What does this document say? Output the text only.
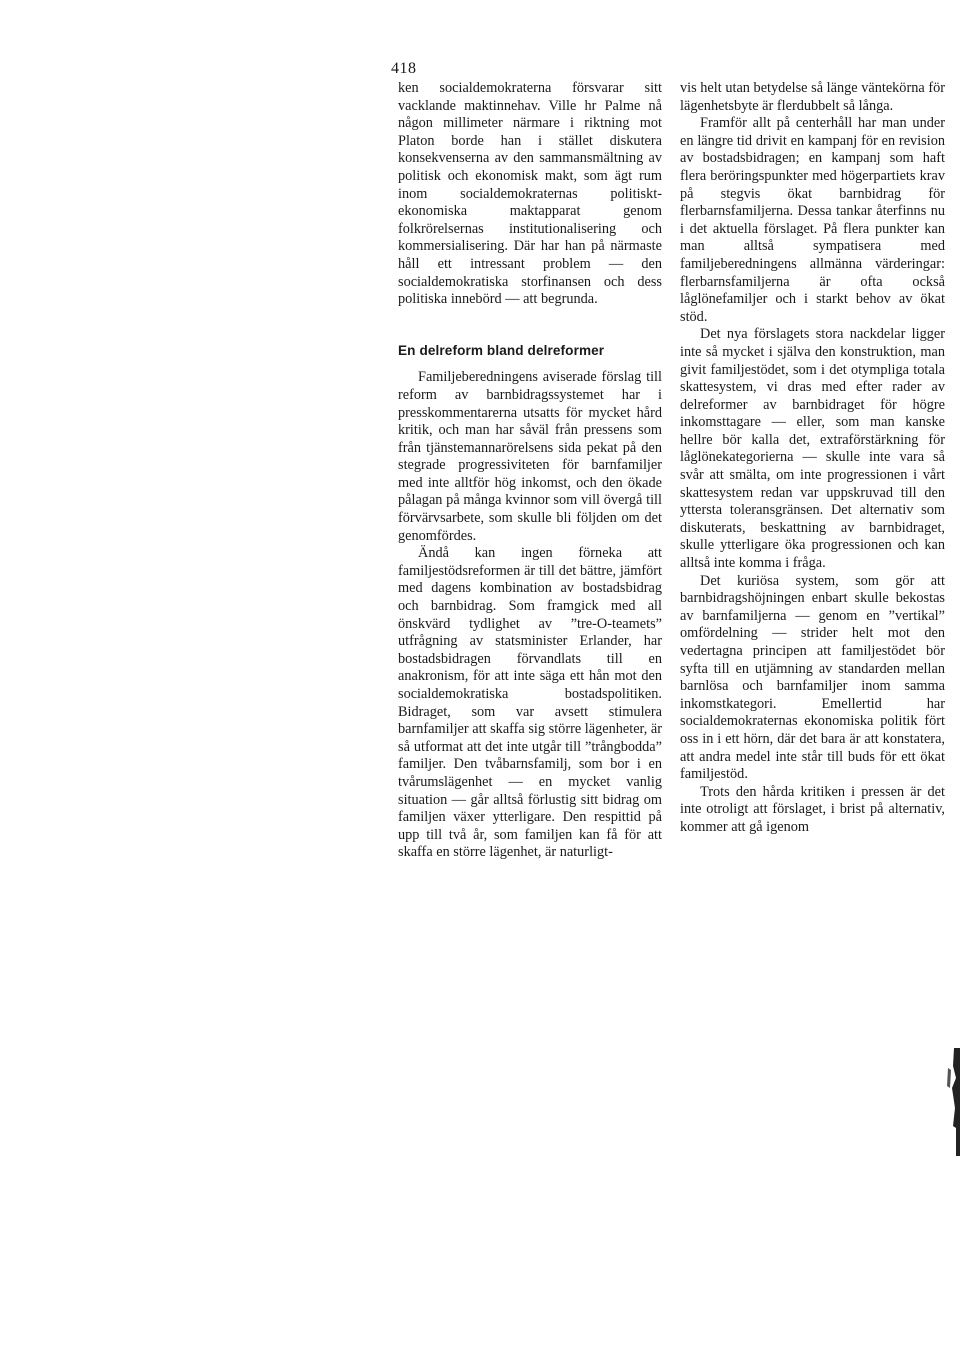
418

ken socialdemokraterna försvarar sitt vacklande maktinnehav. Ville hr Palme nå någon millimeter närmare i riktning mot Platon borde han i stället diskutera konsekvenserna av den sammansmältning av politisk och ekonomisk makt, som ägt rum inom socialdemokraternas politiskt-ekonomiska maktapparat genom folkrörelsernas institutionalisering och kommersialisering. Där har han på närmaste håll ett intressant problem — den socialdemokratiska storfinansen och dess politiska innebörd — att begrunda.

En delreform bland delreformer

Familjeberedningens aviserade förslag till reform av barnbidragssystemet har i presskommentarerna utsatts för mycket hård kritik, och man har såväl från pressens som från tjänstemannarörelsens sida pekat på den stegrade progressiviteten för barnfamiljer med inte alltför hög inkomst, och den ökade pålagan på många kvinnor som vill övergå till förvärvsarbete, som skulle bli följden om det genomfördes.

Ändå kan ingen förneka att familjestödsreformen är till det bättre, jämfört med dagens kombination av bostadsbidrag och barnbidrag. Som framgick med all önskvärd tydlighet av ”tre-O-teamets” utfrågning av statsminister Erlander, har bostadsbidragen förvandlats till en anakronism, för att inte säga ett hån mot den socialdemokratiska bostadspolitiken. Bidraget, som var avsett stimulera barnfamiljer att skaffa sig större lägenheter, är så utformat att det inte utgår till ”trångbodda” familjer. Den tvåbarnsfamilj, som bor i en tvårumslägenhet — en mycket vanlig situation — går alltså förlustig sitt bidrag om familjen växer ytterligare. Den respittid på upp till två år, som familjen kan få för att skaffa en större lägenhet, är naturligt-

vis helt utan betydelse så länge väntekörna för lägenhetsbyte är flerdubbelt så långa.

Framför allt på centerhåll har man under en längre tid drivit en kampanj för en revision av bostadsbidragen; en kampanj som haft flera beröringspunkter med högerpartiets krav på stegvis ökat barnbidrag för flerbarnsfamiljerna. Dessa tankar återfinns nu i det aktuella förslaget. På flera punkter kan man alltså sympatisera med familjeberedningens allmänna värderingar: flerbarnsfamiljerna är ofta också låglönefamiljer och i starkt behov av ökat stöd.

Det nya förslagets stora nackdelar ligger inte så mycket i själva den konstruktion, man givit familjestödet, som i det otympliga totala skattesystem, vi dras med efter rader av delreformer av barnbidraget för högre inkomsttagare — eller, som man kanske hellre bör kalla det, extraförstärkning för låglönekategorierna — skulle inte vara så svår att smälta, om inte progressionen i vårt skattesystem redan var uppskruvad till den yttersta toleransgränsen. Det alternativ som diskuterats, beskattning av barnbidraget, skulle ytterligare öka progressionen och kan alltså inte komma i fråga.

Det kuriösa system, som gör att barnbidragshöjningen enbart skulle bekostas av barnfamiljerna — genom en ”vertikal” omfördelning — strider helt mot den vedertagna principen att familjestödet bör syfta till en utjämning av standarden mellan barnlösa och barnfamiljer inom samma inkomstkategori. Emellertid har socialdemokraternas ekonomiska politik fört oss in i ett hörn, där det bara är att konstatera, att andra medel inte står till buds för ett ökat familjestöd.

Trots den hårda kritiken i pressen är det inte otroligt att förslaget, i brist på alternativ, kommer att gå igenom
